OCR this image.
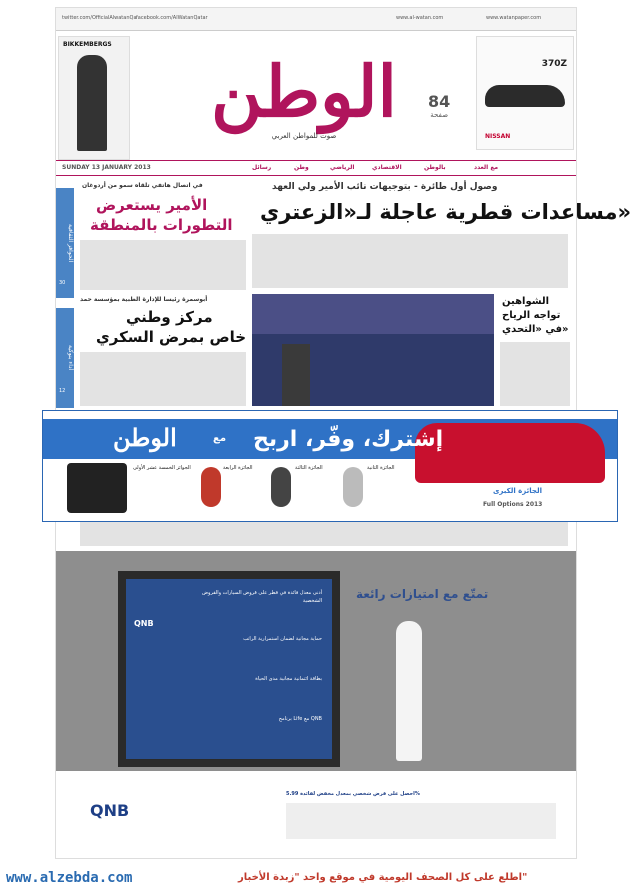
twitter.com/OfficialAlwatanQa facebook.com/AlWatanQatar	www.al-watan.com	www.watanpaper.com
BIKKEMBERGS
الوطن
صوت للمواطن العربي
84
صفحة
370Z
NISSAN
SUNDAY 13 JANUARY 2013	رسائل	وطن	الرياضي	الاقتصادي	بالوطن	مع العدد
الحوافز الثقافية
30
أداء بنوكية
12
في اتصال هاتفي تلقاه سمو من أردوغان
الأمير يستعرض
التطورات بالمنطقة
أبوسمرة رئيسا للإدارة الطبية بمؤسسة حمد
مركز وطني
خاص بمرض السكري
وصول أول طائرة - بتوجيهات نائب الأمير ولي العهد
مساعدات قطرية عاجلة لـ«الزعتري»
الشواهين
تواجه الرياح
في «التحدي»
إشترك، وفّر، اربح
مع
الوطن
الجوائز الخمسة عشر الأولى	الجائزة الرابعة	الجائزة الثالثة	الجائزة الثانية
الجائزة الكبرى
Full Options 2013
تمتّع مع امتيازات رائعة
QNB
أدنى معدل فائدة في قطر على قروض السيارات والقروض الشخصية
حماية مجانية لضمان استمرارية الراتب
بطاقة ائتمانية مجانية مدى الحياة
برنامج Life مع QNB
QNB
احصل على قرض شخصي بمعدل مخفض لفائدة 5.99%
www.alzebda.com	اطلع على كل الصحف اليومية في موقع واحد "زبدة الأخبار"
